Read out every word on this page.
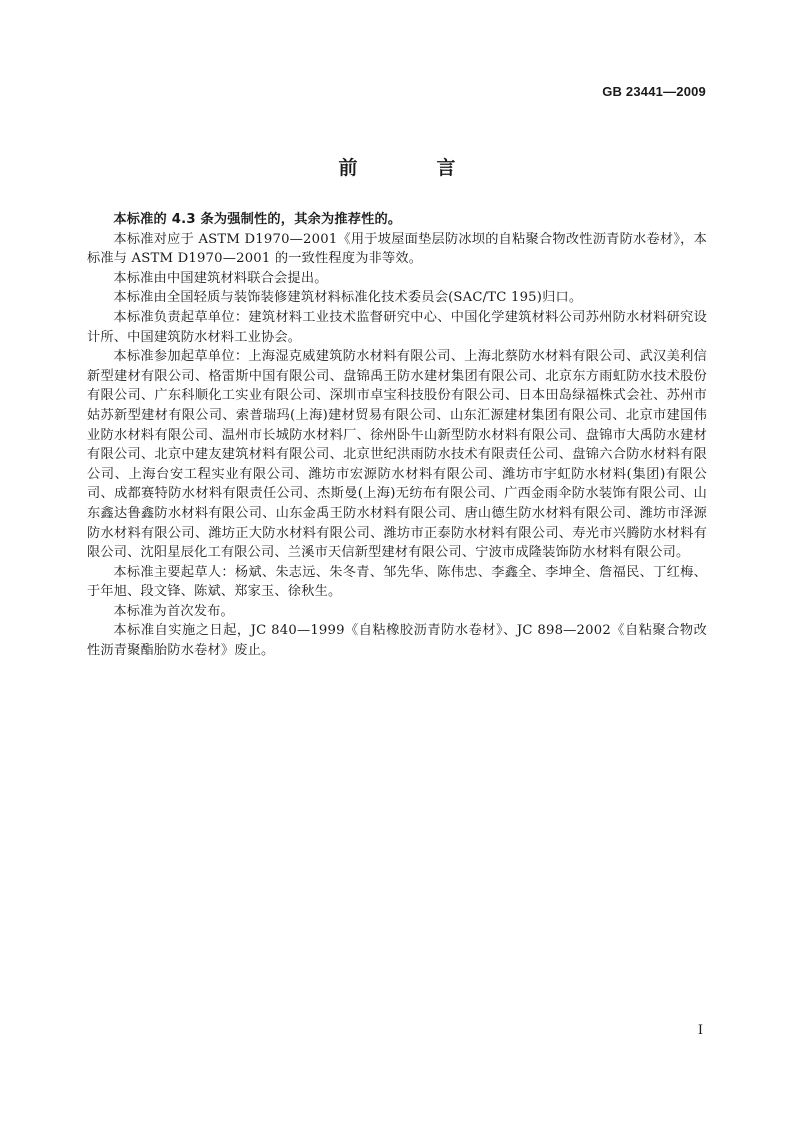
GB 23441—2009
前　言

本标准的 4.3 条为强制性的，其余为推荐性的。

本标准对应于 ASTM D1970—2001《用于坡屋面垫层防冰坝的自粘聚合物改性沥青防水卷材》，本标准与 ASTM D1970—2001 的一致性程度为非等效。

本标准由中国建筑材料联合会提出。

本标准由全国轻质与装饰装修建筑材料标准化技术委员会(SAC/TC 195)归口。

本标准负责起草单位：建筑材料工业技术监督研究中心、中国化学建筑材料公司苏州防水材料研究设计所、中国建筑防水材料工业协会。

本标准参加起草单位：上海湿克威建筑防水材料有限公司、上海北蔡防水材料有限公司、武汉美利信新型建材有限公司、格雷斯中国有限公司、盘锦禹王防水建材集团有限公司、北京东方雨虹防水技术股份有限公司、广东科顺化工实业有限公司、深圳市卓宝科技股份有限公司、日本田岛绿福株式会社、苏州市姑苏新型建材有限公司、索普瑞玛(上海)建材贸易有限公司、山东汇源建材集团有限公司、北京市建国伟业防水材料有限公司、温州市长城防水材料厂、徐州卧牛山新型防水材料有限公司、盘锦市大禹防水建材有限公司、北京中建友建筑材料有限公司、北京世纪洪雨防水技术有限责任公司、盘锦六合防水材料有限公司、上海台安工程实业有限公司、潍坊市宏源防水材料有限公司、潍坊市宇虹防水材料(集团)有限公司、成都赛特防水材料有限责任公司、杰斯曼(上海)无纺布有限公司、广西金雨伞防水装饰有限公司、山东鑫达鲁鑫防水材料有限公司、山东金禹王防水材料有限公司、唐山德生防水材料有限公司、潍坊市泽源防水材料有限公司、潍坊正大防水材料有限公司、潍坊市正泰防水材料有限公司、寿光市兴腾防水材料有限公司、沈阳星辰化工有限公司、兰溪市天信新型建材有限公司、宁波市成隆装饰防水材料有限公司。

本标准主要起草人：杨斌、朱志远、朱冬青、邹先华、陈伟忠、李鑫全、李坤全、詹福民、丁红梅、于年旭、段文锋、陈斌、郑家玉、徐秋生。

本标准为首次发布。

本标准自实施之日起，JC 840—1999《自粘橡胶沥青防水卷材》、JC 898—2002《自粘聚合物改性沥青聚酯胎防水卷材》废止。

I
